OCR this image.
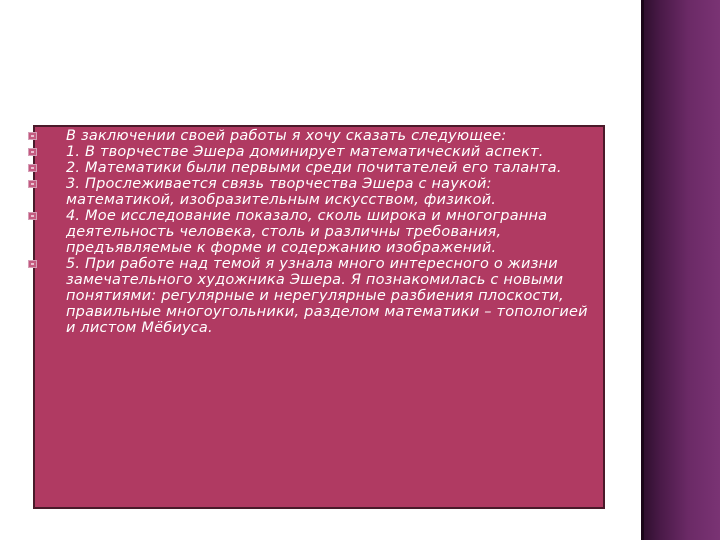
В заключении своей работы я хочу сказать следующее:
1. В творчестве Эшера доминирует математический аспект.
2. Математики были первыми среди почитателей его таланта.
3. Прослеживается связь творчества Эшера с наукой: математикой, изобразительным искусством, физикой.
4. Мое исследование показало, сколь широка и многогранна деятельность человека, столь и различны требования, предъявляемые к форме и содержанию изображений.
5. При работе над темой я узнала много интересного о жизни замечательного художника Эшера. Я познакомилась с новыми понятиями: регулярные и нерегулярные разбиения плоскости, правильные многоугольники, разделом математики – топологией и листом Мёбиуса.
